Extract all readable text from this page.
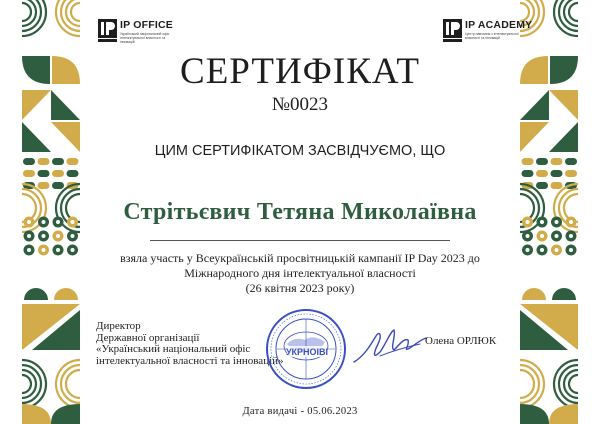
IP OFFICE
Український національний офіс інтелектуальної власності та інновацій
IP ACADEMY
Центр навчання з інтелектуальної власності та інновацій
СЕРТИФІКАТ
№0023
ЦИМ СЕРТИФІКАТОМ ЗАСВІДЧУЄМО, ЩО
Стрітьєвич Тетяна Миколаївна
взяла участь у Всеукраїнській просвітницькій кампанії IP Day 2023 до
Міжнародного дня інтелектуальної власності
(26 квітня 2023 року)
Директор
Державної організації
«Український національний офіс
інтелектуальної власності та інновацій»
УКРНОІВІ
Олена ОРЛЮК
Дата видачі - 05.06.2023
